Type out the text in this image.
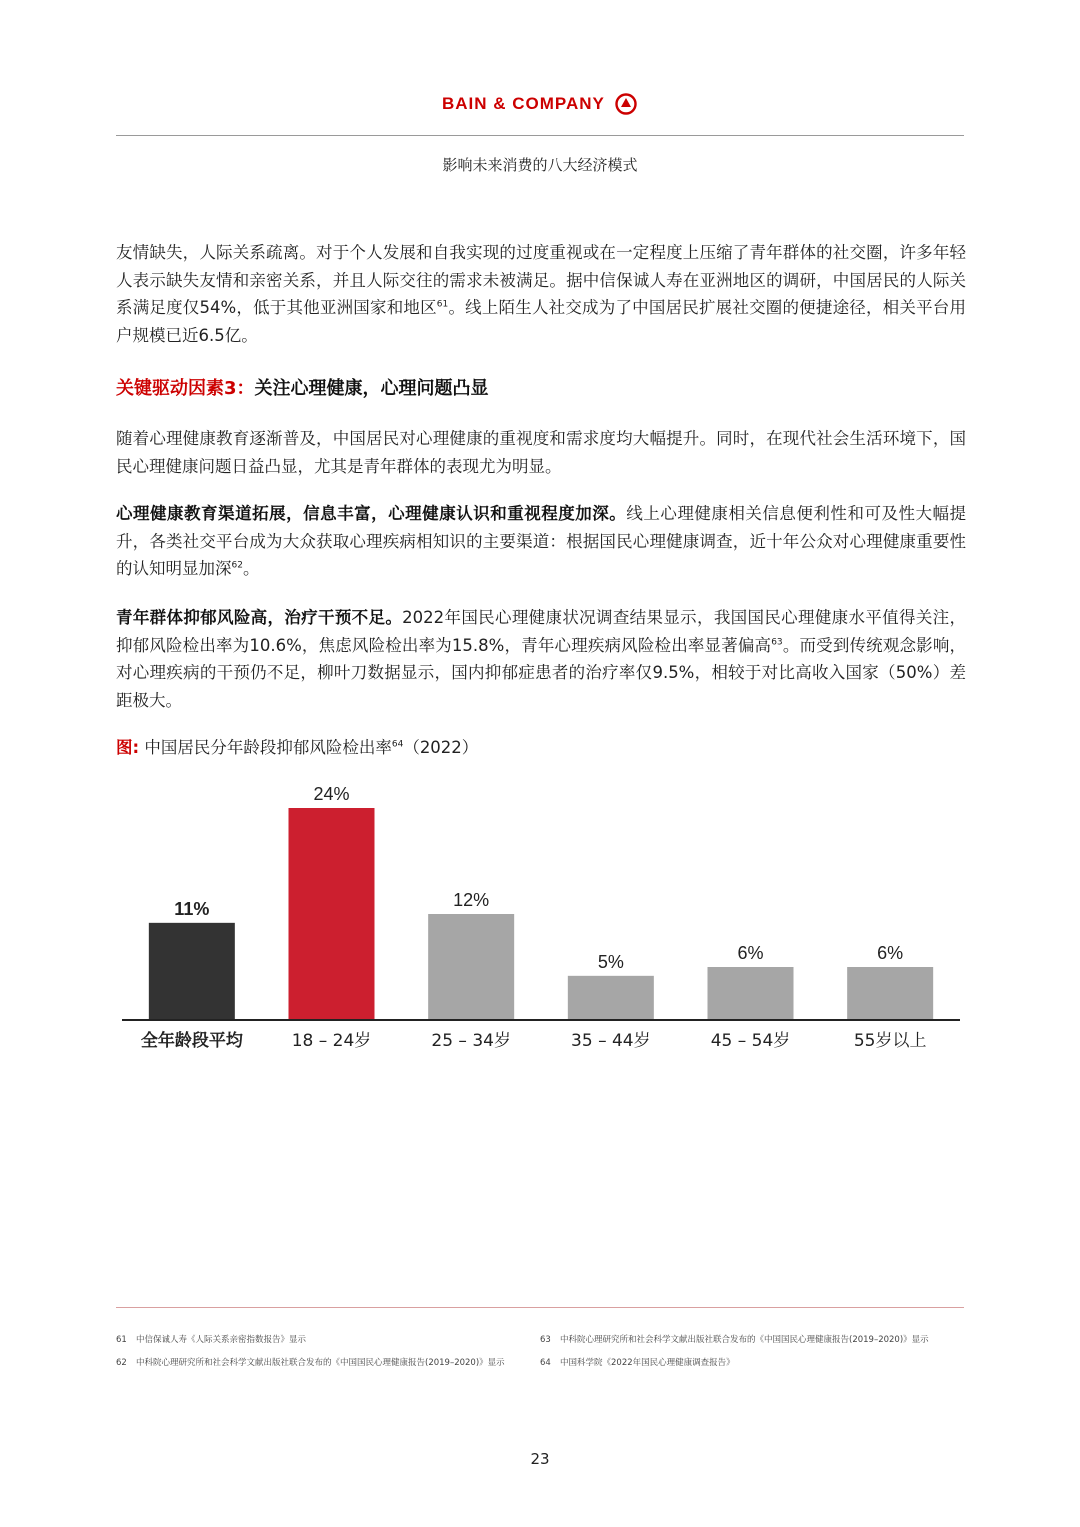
BAIN & COMPANY
影响未来消费的八大经济模式

友情缺失，人际关系疏离。对于个人发展和自我实现的过度重视或在一定程度上压缩了青年群体的社交圈，许多年轻人表示缺失友情和亲密关系，并且人际交往的需求未被满足。据中信保诚人寿在亚洲地区的调研，中国居民的人际关系满足度仅54%，低于其他亚洲国家和地区$^{61}$。线上陌生人社交成为了中国居民扩展社交圈的便捷途径，相关平台用户规模已近6.5亿。

关键驱动因素3：关注心理健康，心理问题凸显

随着心理健康教育逐渐普及，中国居民对心理健康的重视度和需求度均大幅提升。同时，在现代社会生活环境下，国民心理健康问题日益凸显，尤其是青年群体的表现尤为明显。

心理健康教育渠道拓展，信息丰富，心理健康认识和重视程度加深。线上心理健康相关信息便利性和可及性大幅提升，各类社交平台成为大众获取心理疾病相知识的主要渠道：根据国民心理健康调查，近十年公众对心理健康重要性的认知明显加深$^{62}$。

青年群体抑郁风险高，治疗干预不足。2022年国民心理健康状况调查结果显示，我国国民心理健康水平值得关注，抑郁风险检出率为10.6%，焦虑风险检出率为15.8%，青年心理疾病风险检出率显著偏高$^{63}$。而受到传统观念影响，对心理疾病的干预仍不足，柳叶刀数据显示，国内抑郁症患者的治疗率仅9.5%，相较于对比高收入国家（50%）差距极大。

图: 中国居民分年龄段抑郁风险检出率$^{64}$（2022）

11%
全年龄段平均
24%
18 – 24岁
12%
25 – 34岁
5%
35 – 44岁
6%
45 – 54岁
6%
55岁以上
61 中信保诚人寿《人际关系亲密指数报告》显示
62 中科院心理研究所和社会科学文献出版社联合发布的《中国国民心理健康报告(2019–2020)》显示
63 中科院心理研究所和社会科学文献出版社联合发布的《中国国民心理健康报告(2019–2020)》显示
64 中国科学院《2022年国民心理健康调查报告》
23
